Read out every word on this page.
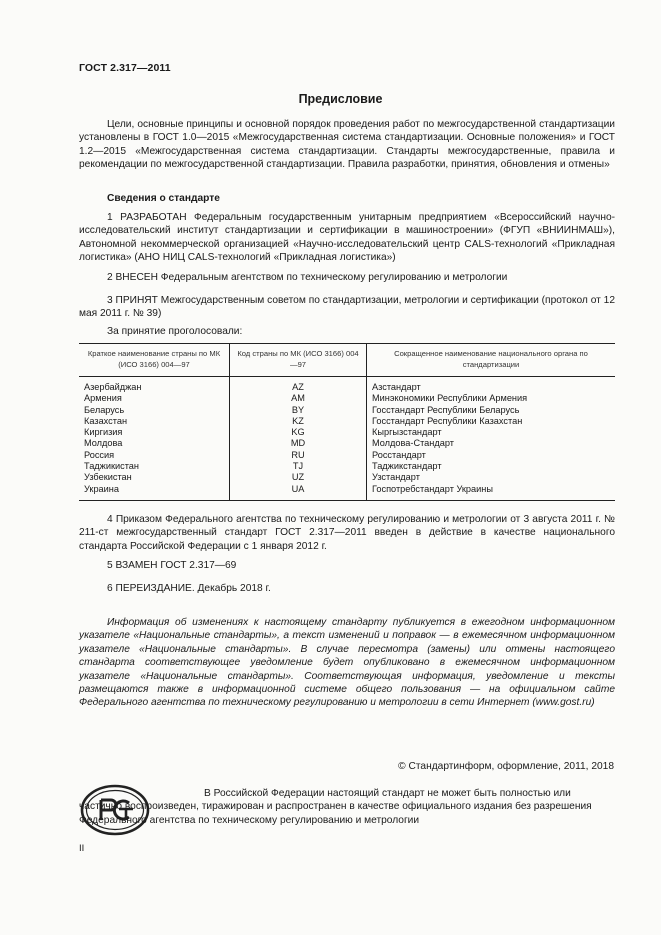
ГОСТ 2.317—2011
Предисловие
Цели, основные принципы и основной порядок проведения работ по межгосударственной стандартизации установлены в ГОСТ 1.0—2015 «Межгосударственная система стандартизации. Основные положения» и ГОСТ 1.2—2015 «Межгосударственная система стандартизации. Стандарты межгосударственные, правила и рекомендации по межгосударственной стандартизации. Правила разработки, принятия, обновления и отмены»
Сведения о стандарте
1 РАЗРАБОТАН Федеральным государственным унитарным предприятием «Всероссийский научно-исследовательский институт стандартизации и сертификации в машиностроении» (ФГУП «ВНИИНМАШ»), Автономной некоммерческой организацией «Научно-исследовательский центр CALS-технологий «Прикладная логистика» (АНО НИЦ CALS-технологий «Прикладная логистика»)
2 ВНЕСЕН Федеральным агентством по техническому регулированию и метрологии
3 ПРИНЯТ Межгосударственным советом по стандартизации, метрологии и сертификации (протокол от 12 мая 2011 г. № 39)
За принятие проголосовали:
Краткое наименование страны по МК (ИСО 3166) 004—97	Код страны по МК (ИСО 3166) 004—97	Сокращенное наименование национального органа по стандартизации
Азербайджан	AZ	Азстандарт
Армения	AM	Минэкономики Республики Армения
Беларусь	BY	Госстандарт Республики Беларусь
Казахстан	KZ	Госстандарт Республики Казахстан
Киргизия	KG	Кыргызстандарт
Молдова	MD	Молдова-Стандарт
Россия	RU	Росстандарт
Таджикистан	TJ	Таджикстандарт
Узбекистан	UZ	Узстандарт
Украина	UA	Госпотребстандарт Украины
4 Приказом Федерального агентства по техническому регулированию и метрологии от 3 августа 2011 г. № 211-ст межгосударственный стандарт ГОСТ 2.317—2011 введен в действие в качестве национального стандарта Российской Федерации с 1 января 2012 г.
5 ВЗАМЕН ГОСТ 2.317—69
6 ПЕРЕИЗДАНИЕ. Декабрь 2018 г.
Информация об изменениях к настоящему стандарту публикуется в ежегодном информационном указателе «Национальные стандарты», а текст изменений и поправок — в ежемесячном информационном указателе «Национальные стандарты». В случае пересмотра (замены) или отмены настоящего стандарта соответствующее уведомление будет опубликовано в ежемесячном информационном указателе «Национальные стандарты». Соответствующая информация, уведомление и тексты размещаются также в информационной системе общего пользования — на официальном сайте Федерального агентства по техническому регулированию и метрологии в сети Интернет (www.gost.ru)
© Стандартинформ, оформление, 2011, 2018
В Российской Федерации настоящий стандарт не может быть полностью или частично воспроизведен, тиражирован и распространен в качестве официального издания без разрешения Федерального агентства по техническому регулированию и метрологии
II
